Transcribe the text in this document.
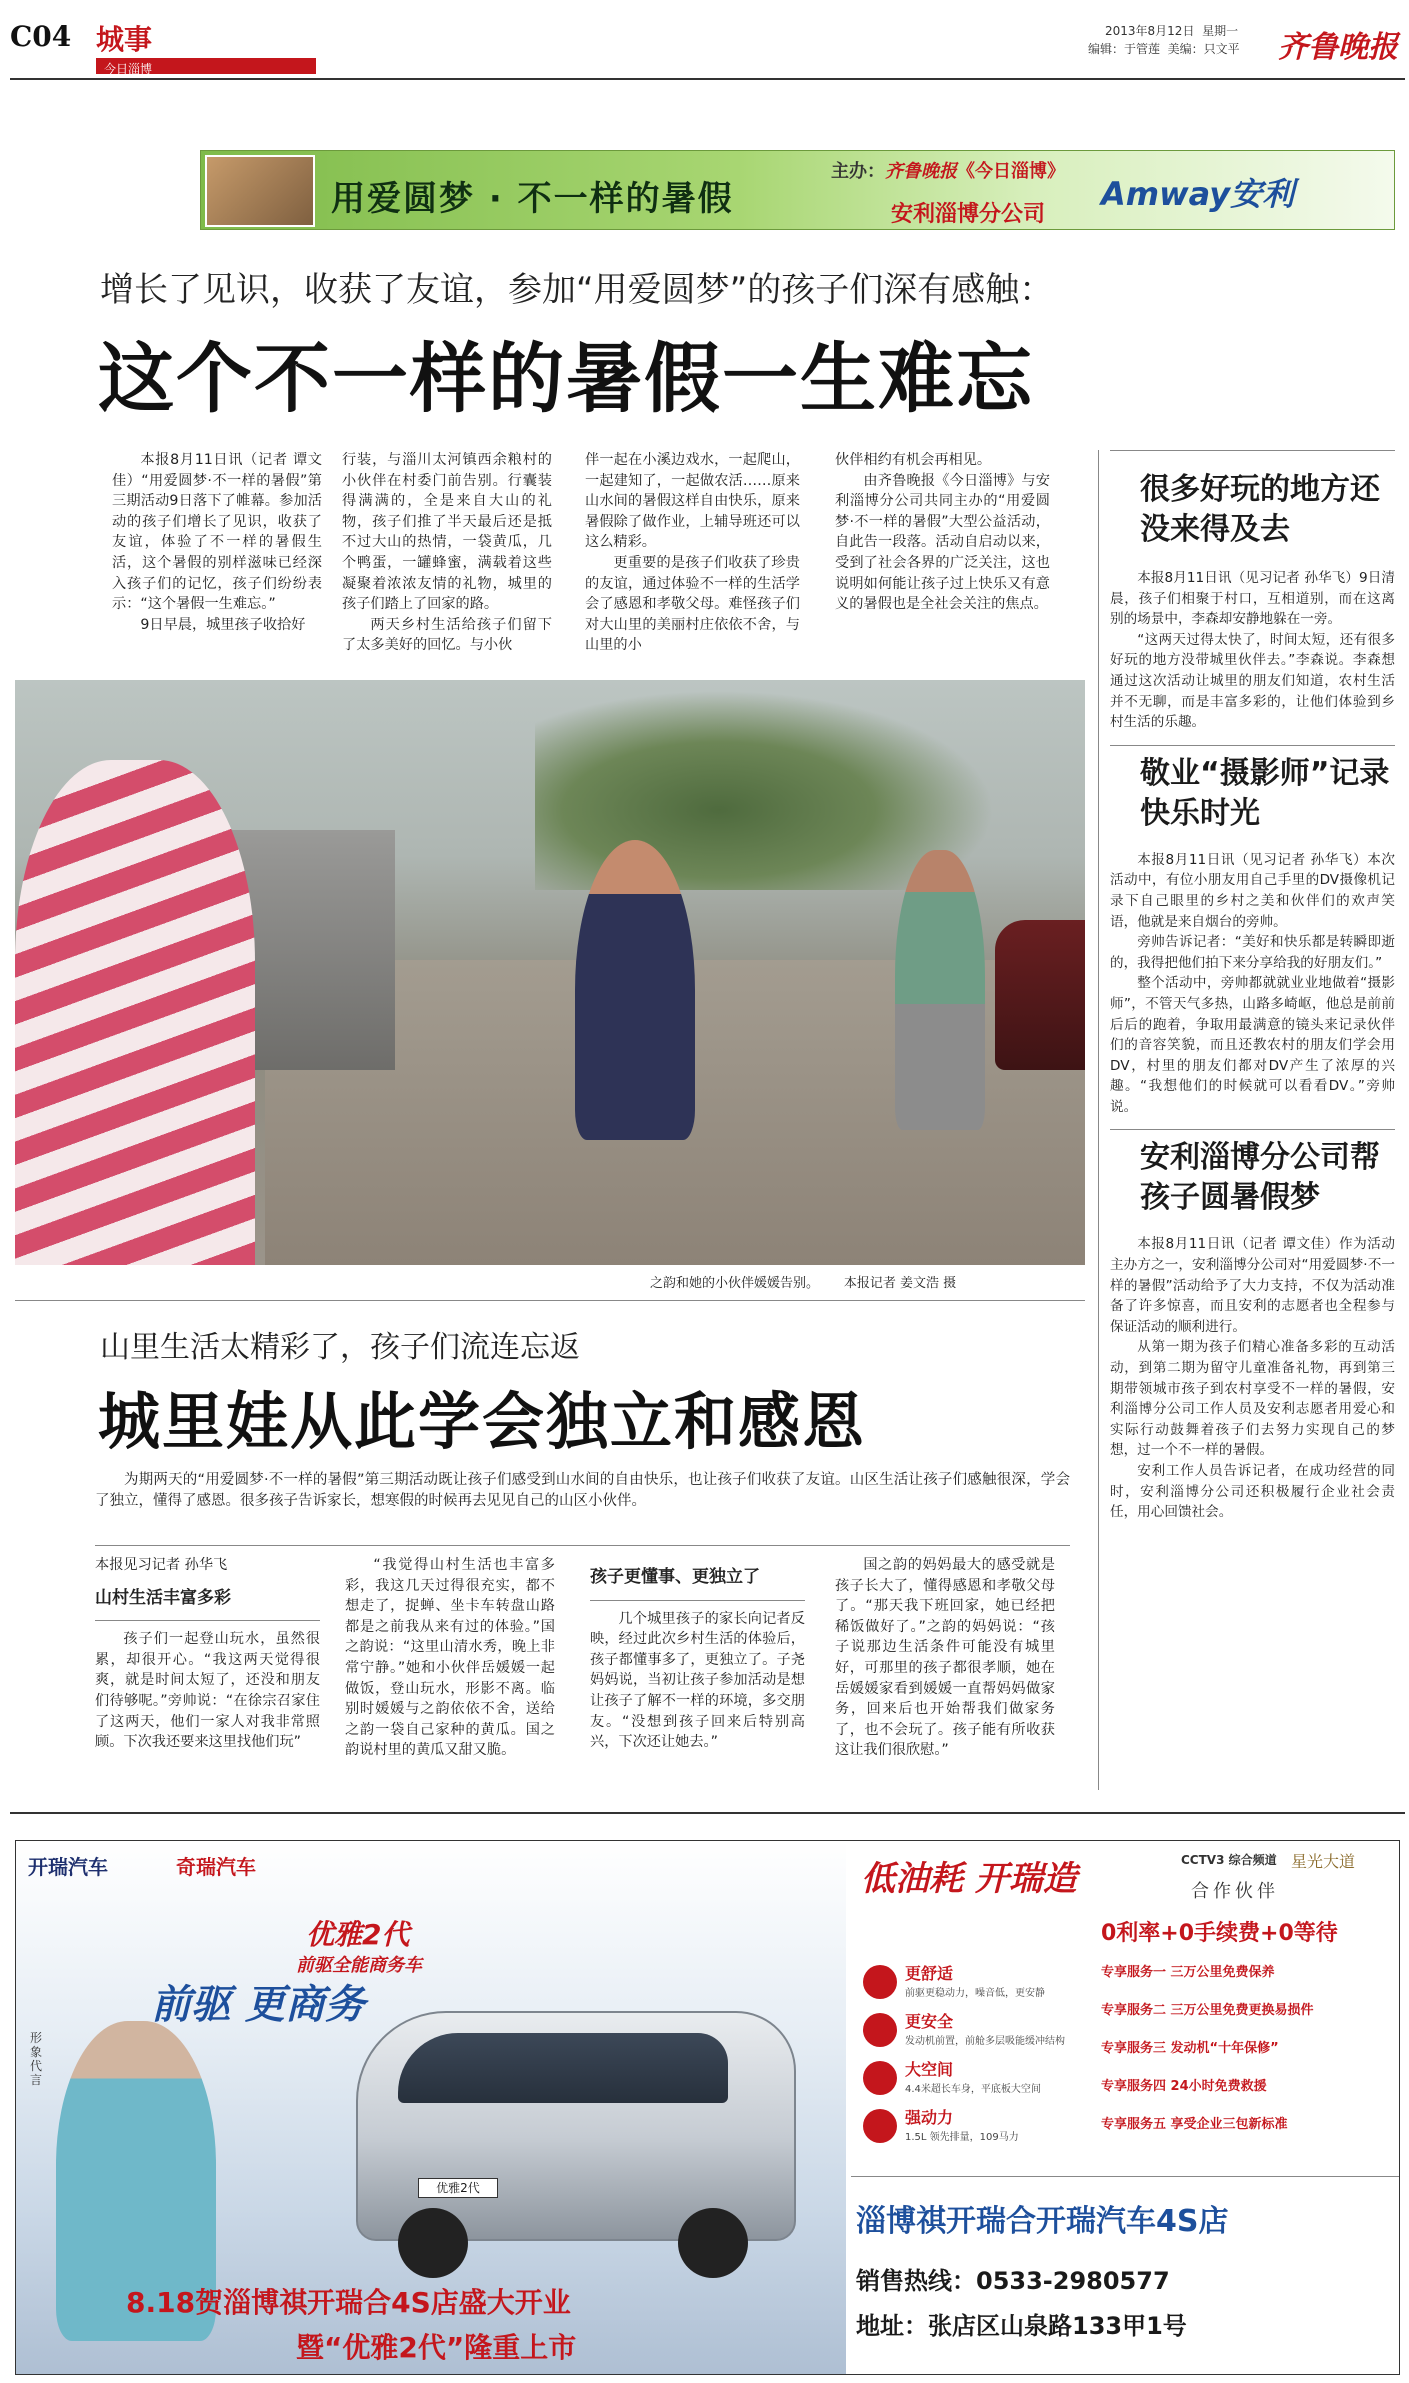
C04 城事
今日淄博
2013年8月12日 星期一
编辑：于管莲 美编：只文平 齐鲁晚报
用爱圆梦 · 不一样的暑假
主办：齐鲁晚报《今日淄博》
安利淄博分公司
Amway安利
增长了见识，收获了友谊，参加“用爱圆梦”的孩子们深有感触：
这个不一样的暑假一生难忘

本报8月11日讯（记者 谭文佳）“用爱圆梦·不一样的暑假”第三期活动9日落下了帷幕。参加活动的孩子们增长了见识，收获了友谊，体验了不一样的暑假生活，这个暑假的别样滋味已经深入孩子们的记忆，孩子们纷纷表示：“这个暑假一生难忘。”

9日早晨，城里孩子收拾好

行装，与淄川太河镇西余粮村的小伙伴在村委门前告别。行囊装得满满的，全是来自大山的礼物，孩子们推了半天最后还是抵不过大山的热情，一袋黄瓜，几个鸭蛋，一罐蜂蜜，满载着这些凝聚着浓浓友情的礼物，城里的孩子们踏上了回家的路。

两天乡村生活给孩子们留下了太多美好的回忆。与小伙

伴一起在小溪边戏水，一起爬山，一起建知了，一起做农活……原来山水间的暑假这样自由快乐，原来暑假除了做作业，上辅导班还可以这么精彩。

更重要的是孩子们收获了珍贵的友谊，通过体验不一样的生活学会了感恩和孝敬父母。难怪孩子们对大山里的美丽村庄依依不舍，与山里的小

伙伴相约有机会再相见。

由齐鲁晚报《今日淄博》与安利淄博分公司共同主办的“用爱圆梦·不一样的暑假”大型公益活动，自此告一段落。活动自启动以来，受到了社会各界的广泛关注，这也说明如何能让孩子过上快乐又有意义的暑假也是全社会关注的焦点。

之韵和她的小伙伴媛媛告别。 本报记者 姜文浩 摄
山里生活太精彩了，孩子们流连忘返
城里娃从此学会独立和感恩
为期两天的“用爱圆梦·不一样的暑假”第三期活动既让孩子们感受到山水间的自由快乐，也让孩子们收获了友谊。山区生活让孩子们感触很深，学会了独立，懂得了感恩。很多孩子告诉家长，想寒假的时候再去见见自己的山区小伙伴。

本报见习记者 孙华飞

山村生活丰富多彩

孩子们一起登山玩水，虽然很累，却很开心。“我这两天觉得很爽，就是时间太短了，还没和朋友们待够呢。”旁帅说：“在徐宗召家住了这两天，他们一家人对我非常照顾。下次我还要来这里找他们玩”

“我觉得山村生活也丰富多彩，我这几天过得很充实，都不想走了，捉蝉、坐卡车转盘山路都是之前我从来有过的体验。”国之韵说：“这里山清水秀，晚上非常宁静。”她和小伙伴岳媛媛一起做饭，登山玩水，形影不离。临别时媛媛与之韵依依不舍，送给之韵一袋自己家种的黄瓜。国之韵说村里的黄瓜又甜又脆。

孩子更懂事、更独立了

几个城里孩子的家长向记者反映，经过此次乡村生活的体验后，孩子都懂事多了，更独立了。子尧妈妈说，当初让孩子参加活动是想让孩子了解不一样的环境，多交朋友。“没想到孩子回来后特别高兴，下次还让她去。”

国之韵的妈妈最大的感受就是孩子长大了，懂得感恩和孝敬父母了。“那天我下班回家，她已经把稀饭做好了。”之韵的妈妈说：“孩子说那边生活条件可能没有城里好，可那里的孩子都很孝顺，她在岳媛媛家看到媛媛一直帮妈妈做家务，回来后也开始帮我们做家务了，也不会玩了。孩子能有所收获这让我们很欣慰。”

很多好玩的地方还没来得及去

本报8月11日讯（见习记者 孙华飞）9日清晨，孩子们相聚于村口，互相道别，而在这离别的场景中，李森却安静地躲在一旁。

“这两天过得太快了，时间太短，还有很多好玩的地方没带城里伙伴去。”李森说。李森想通过这次活动让城里的朋友们知道，农村生活并不无聊，而是丰富多彩的，让他们体验到乡村生活的乐趣。

敬业“摄影师”记录快乐时光

本报8月11日讯（见习记者 孙华飞）本次活动中，有位小朋友用自己手里的DV摄像机记录下自己眼里的乡村之美和伙伴们的欢声笑语，他就是来自烟台的旁帅。

旁帅告诉记者：“美好和快乐都是转瞬即逝的，我得把他们拍下来分享给我的好朋友们。”

整个活动中，旁帅都就就业业地做着“摄影师”，不管天气多热，山路多崎岖，他总是前前后后的跑着，争取用最满意的镜头来记录伙伴们的音容笑貌，而且还教农村的朋友们学会用DV，村里的朋友们都对DV产生了浓厚的兴趣。“我想他们的时候就可以看看DV。”旁帅说。

安利淄博分公司帮孩子圆暑假梦

本报8月11日讯（记者 谭文佳）作为活动主办方之一，安利淄博分公司对“用爱圆梦·不一样的暑假”活动给予了大力支持，不仅为活动准备了许多惊喜，而且安利的志愿者也全程参与保证活动的顺利进行。

从第一期为孩子们精心准备多彩的互动活动，到第二期为留守儿童准备礼物，再到第三期带领城市孩子到农村享受不一样的暑假，安利淄博分公司工作人员及安利志愿者用爱心和实际行动鼓舞着孩子们去努力实现自己的梦想，过一个不一样的暑假。

安利工作人员告诉记者，在成功经营的同时，安利淄博分公司还积极履行企业社会责任，用心回馈社会。

开瑞汽车	奇瑞汽车
优雅2代
前驱全能商务车
前驱 更商务
形象代言
优雅2代
8.18贺淄博祺开瑞合4S店盛大开业
暨“优雅2代”隆重上市
低油耗 开瑞造	CCTV3 综合频道 星光大道
合作伙伴
0利率+0手续费+0等待
更舒适
前驱更稳动力，噪音低，更安静
更安全
发动机前置，前舱多层吸能缓冲结构
大空间
4.4米超长车身，平底板大空间
强动力
1.5L 领先排量，109马力
专享服务一 三万公里免费保养
专享服务二 三万公里免费更换易损件
专享服务三 发动机“十年保修”
专享服务四 24小时免费救援
专享服务五 享受企业三包新标准
淄博祺开瑞合开瑞汽车4S店
销售热线：0533-2980577
地址：张店区山泉路133甲1号
